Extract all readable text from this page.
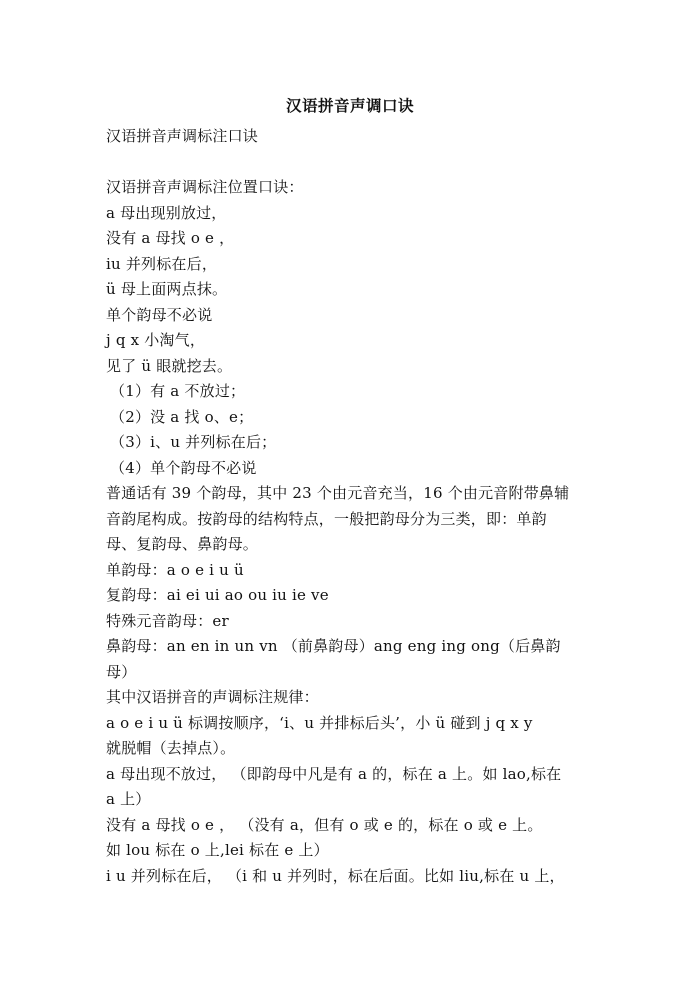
汉语拼音声调口诀
汉语拼音声调标注口诀
汉语拼音声调标注位置口诀：
a 母出现别放过，
没有 a 母找 o e ，
iu 并列标在后，
ü 母上面两点抹。
单个韵母不必说
j q x 小淘气，
见了 ü 眼就挖去。
（1）有 a 不放过；
（2）没 a 找 o、e；
（3）i、u 并列标在后；
（4）单个韵母不必说
普通话有 39 个韵母，其中 23 个由元音充当，16 个由元音附带鼻辅
音韵尾构成。按韵母的结构特点，一般把韵母分为三类，即：单韵
母、复韵母、鼻韵母。
单韵母：a o e i u ü
复韵母：ai ei ui ao ou iu ie ve
特殊元音韵母：er
鼻韵母：an en in un vn （前鼻韵母）ang eng ing ong（后鼻韵
母）
其中汉语拼音的声调标注规律：
a o e i u ü 标调按顺序，‘i、u 并排标后头’，小 ü 碰到 j q x y
就脱帽（去掉点）。
a 母出现不放过， （即韵母中凡是有 a 的，标在 a 上。如 lao,标在
a 上）
没有 a 母找 o e ， （没有 a，但有 o 或 e 的，标在 o 或 e 上。
如 lou 标在 o 上,lei 标在 e 上）
i u 并列标在后， （i 和 u 并列时，标在后面。比如 liu,标在 u 上，
